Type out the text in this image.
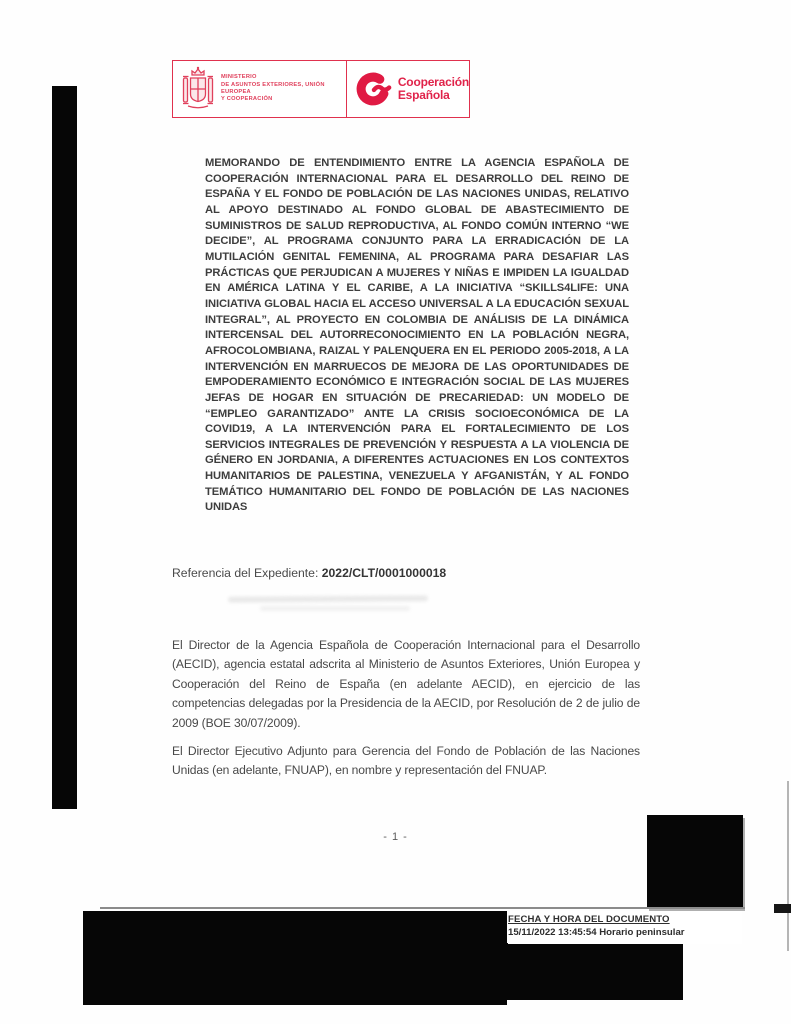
MINISTERIO
DE ASUNTOS EXTERIORES, UNIÓN EUROPEA
Y COOPERACIÓN
Cooperación
Española
MEMORANDO DE ENTENDIMIENTO ENTRE LA AGENCIA ESPAÑOLA DE COOPERACIÓN INTERNACIONAL PARA EL DESARROLLO DEL REINO DE ESPAÑA Y EL FONDO DE POBLACIÓN DE LAS NACIONES UNIDAS, RELATIVO AL APOYO DESTINADO AL FONDO GLOBAL DE ABASTECIMIENTO DE SUMINISTROS DE SALUD REPRODUCTIVA, AL FONDO COMÚN INTERNO “WE DECIDE”, AL PROGRAMA CONJUNTO PARA LA ERRADICACIÓN DE LA MUTILACIÓN GENITAL FEMENINA, AL PROGRAMA PARA DESAFIAR LAS PRÁCTICAS QUE PERJUDICAN A MUJERES Y NIÑAS E IMPIDEN LA IGUALDAD EN AMÉRICA LATINA Y EL CARIBE, A LA INICIATIVA “SKILLS4LIFE: UNA INICIATIVA GLOBAL HACIA EL ACCESO UNIVERSAL A LA EDUCACIÓN SEXUAL INTEGRAL”, AL PROYECTO EN COLOMBIA DE ANÁLISIS DE LA DINÁMICA INTERCENSAL DEL AUTORRECONOCIMIENTO EN LA POBLACIÓN NEGRA, AFROCOLOMBIANA, RAIZAL Y PALENQUERA EN EL PERIODO 2005-2018, A LA INTERVENCIÓN EN MARRUECOS DE MEJORA DE LAS OPORTUNIDADES DE EMPODERAMIENTO ECONÓMICO E INTEGRACIÓN SOCIAL DE LAS MUJERES JEFAS DE HOGAR EN SITUACIÓN DE PRECARIEDAD: UN MODELO DE “EMPLEO GARANTIZADO” ANTE LA CRISIS SOCIOECONÓMICA DE LA COVID19, A LA INTERVENCIÓN PARA EL FORTALECIMIENTO DE LOS SERVICIOS INTEGRALES DE PREVENCIÓN Y RESPUESTA A LA VIOLENCIA DE GÉNERO EN JORDANIA, A DIFERENTES ACTUACIONES EN LOS CONTEXTOS HUMANITARIOS DE PALESTINA, VENEZUELA Y AFGANISTÁN, Y AL FONDO TEMÁTICO HUMANITARIO DEL FONDO DE POBLACIÓN DE LAS NACIONES UNIDAS
Referencia del Expediente: 2022/CLT/0001000018
El Director de la Agencia Española de Cooperación Internacional para el Desarrollo (AECID), agencia estatal adscrita al Ministerio de Asuntos Exteriores, Unión Europea y Cooperación del Reino de España (en adelante AECID), en ejercicio de las competencias delegadas por la Presidencia de la AECID, por Resolución de 2 de julio de 2009 (BOE 30/07/2009).
El Director Ejecutivo Adjunto para Gerencia del Fondo de Población de las Naciones Unidas (en adelante, FNUAP), en nombre y representación del FNUAP.
- 1 -
FECHA Y HORA DEL DOCUMENTO
15/11/2022 13:45:54 Horario peninsular
